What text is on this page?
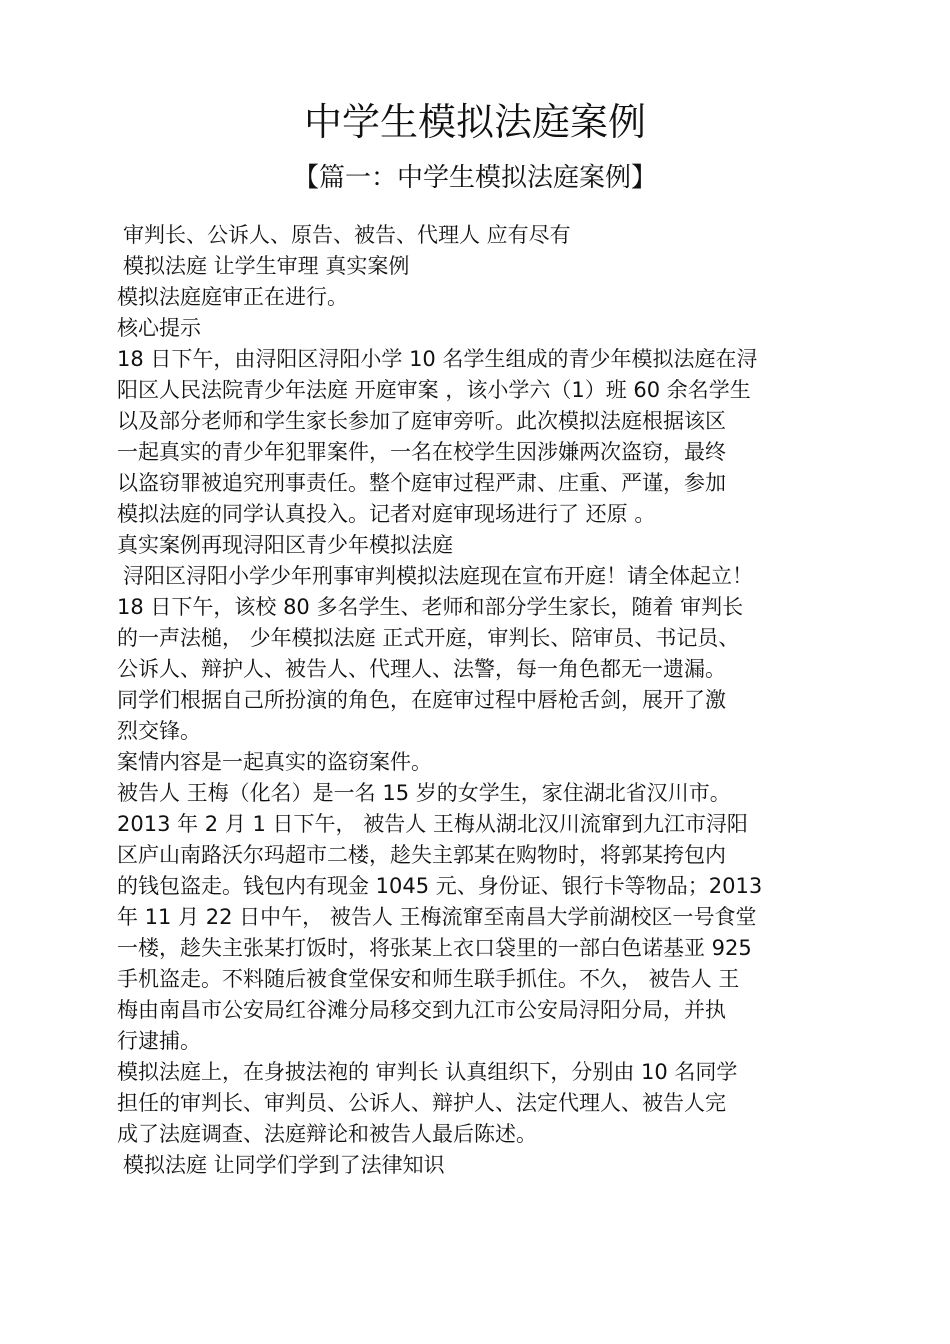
中学生模拟法庭案例
【篇一：中学生模拟法庭案例】
审判长、公诉人、原告、被告、代理人 应有尽有
模拟法庭 让学生审理 真实案例
模拟法庭庭审正在进行。
核心提示
18 日下午，由浔阳区浔阳小学 10 名学生组成的青少年模拟法庭在浔
阳区人民法院青少年法庭 开庭审案 ，该小学六（1）班 60 余名学生
以及部分老师和学生家长参加了庭审旁听。此次模拟法庭根据该区
一起真实的青少年犯罪案件，一名在校学生因涉嫌两次盗窃，最终
以盗窃罪被追究刑事责任。整个庭审过程严肃、庄重、严谨，参加
模拟法庭的同学认真投入。记者对庭审现场进行了 还原 。
真实案例再现浔阳区青少年模拟法庭
浔阳区浔阳小学少年刑事审判模拟法庭现在宣布开庭！请全体起立！
18 日下午，该校 80 多名学生、老师和部分学生家长，随着 审判长
的一声法槌， 少年模拟法庭 正式开庭，审判长、陪审员、书记员、
公诉人、辩护人、被告人、代理人、法警，每一角色都无一遗漏。
同学们根据自己所扮演的角色，在庭审过程中唇枪舌剑，展开了激
烈交锋。
案情内容是一起真实的盗窃案件。
被告人 王梅（化名）是一名 15 岁的女学生，家住湖北省汉川市。
2013 年 2 月 1 日下午， 被告人 王梅从湖北汉川流窜到九江市浔阳
区庐山南路沃尔玛超市二楼，趁失主郭某在购物时，将郭某挎包内
的钱包盗走。钱包内有现金 1045 元、身份证、银行卡等物品；2013
年 11 月 22 日中午， 被告人 王梅流窜至南昌大学前湖校区一号食堂
一楼，趁失主张某打饭时，将张某上衣口袋里的一部白色诺基亚 925
手机盗走。不料随后被食堂保安和师生联手抓住。不久， 被告人 王
梅由南昌市公安局红谷滩分局移交到九江市公安局浔阳分局，并执
行逮捕。
模拟法庭上，在身披法袍的 审判长 认真组织下，分别由 10 名同学
担任的审判长、审判员、公诉人、辩护人、法定代理人、被告人完
成了法庭调查、法庭辩论和被告人最后陈述。
模拟法庭 让同学们学到了法律知识
